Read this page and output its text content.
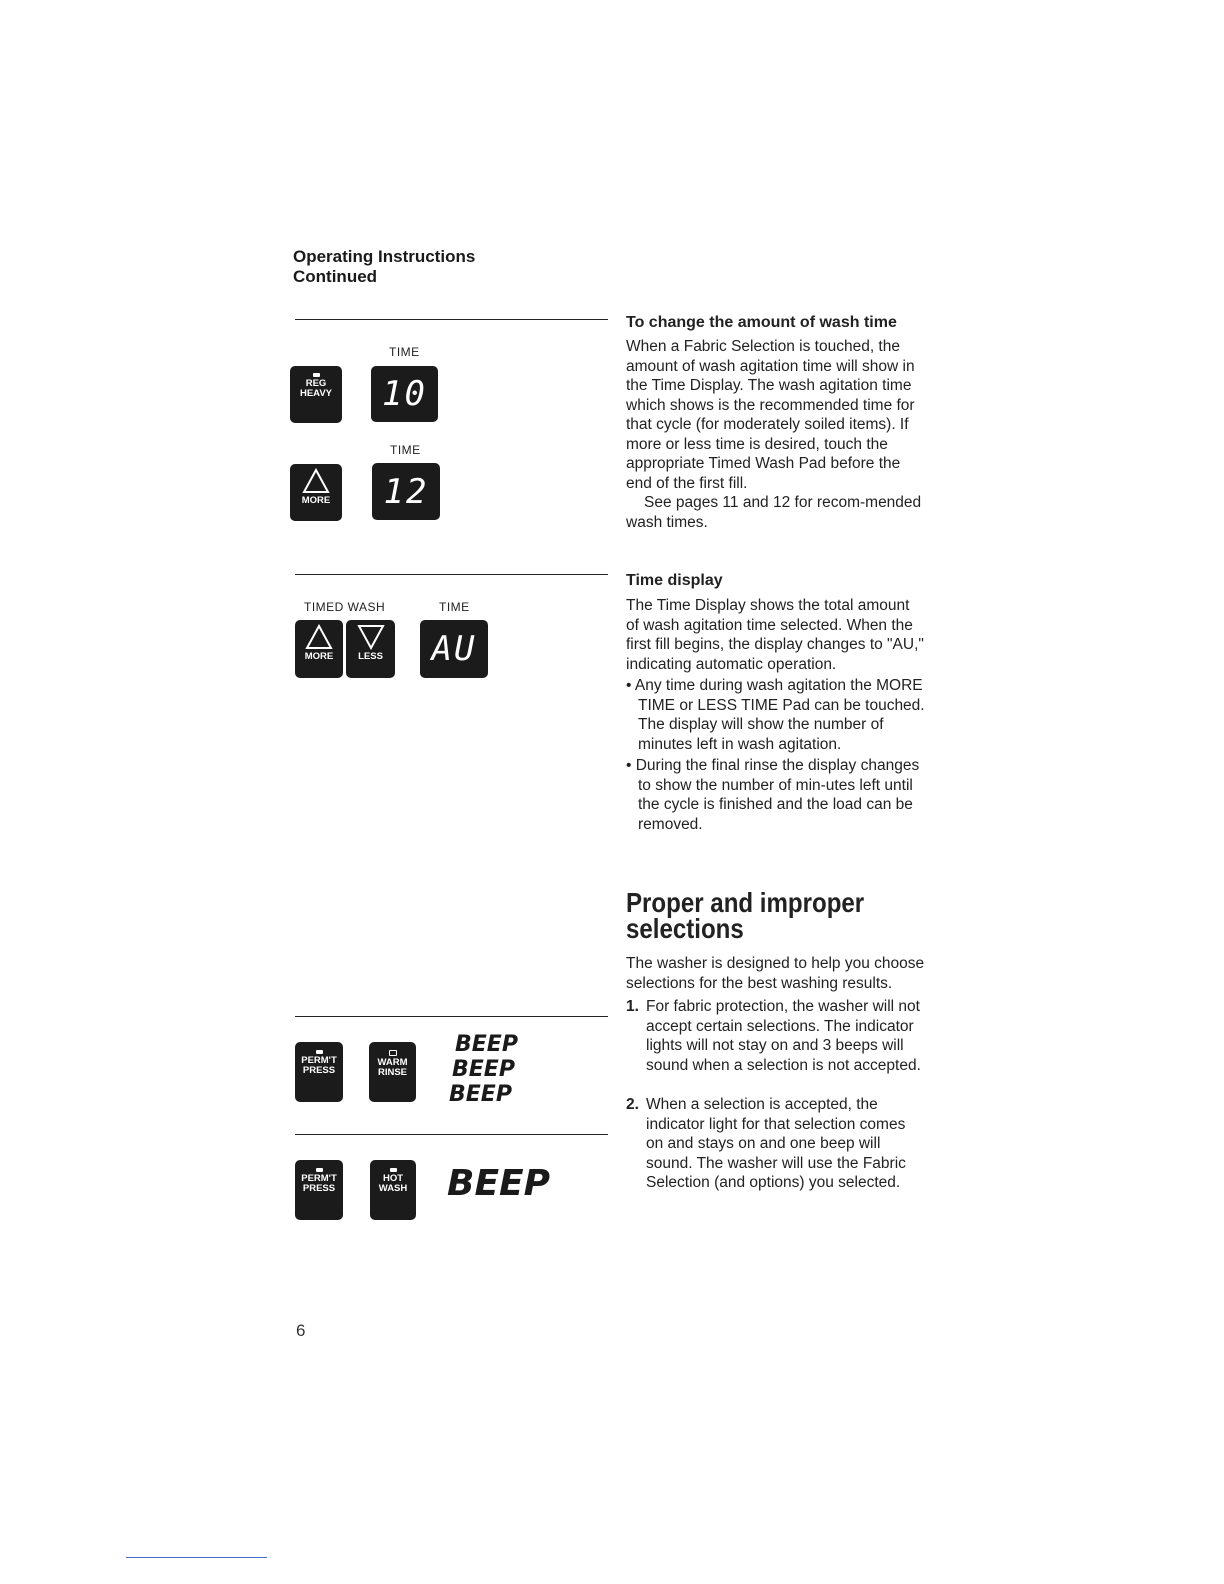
Operating Instructions
Continued
TIME
REG
HEAVY	10
TIME
MORE	12
TIMED WASH	TIME
MORE	LESS	AU
PERM'T
PRESS
WARM
RINSE
BEEP
BEEP
BEEP
PERM'T
PRESS
HOT
WASH BEEP

To change the amount of wash time

When a Fabric Selection is touched, the amount of wash agitation time will show in the Time Display. The wash agitation time which shows is the recommended time for that cycle (for moderately soiled items). If more or less time is desired, touch the appropriate Timed Wash Pad before the end of the first fill.

See pages 11 and 12 for recom-mended wash times.

Time display

The Time Display shows the total amount of wash agitation time selected. When the first fill begins, the display changes to "AU," indicating automatic operation.

• Any time during wash agitation the MORE TIME or LESS TIME Pad can be touched. The display will show the number of minutes left in wash agitation.

• During the final rinse the display changes to show the number of min-utes left until the cycle is finished and the load can be removed.

Proper and improper
selections

The washer is designed to help you choose selections for the best washing results.

1. For fabric protection, the washer will not accept certain selections. The indicator lights will not stay on and 3 beeps will sound when a selection is not accepted.

2. When a selection is accepted, the indicator light for that selection comes on and stays on and one beep will sound. The washer will use the Fabric Selection (and options) you selected.

6
